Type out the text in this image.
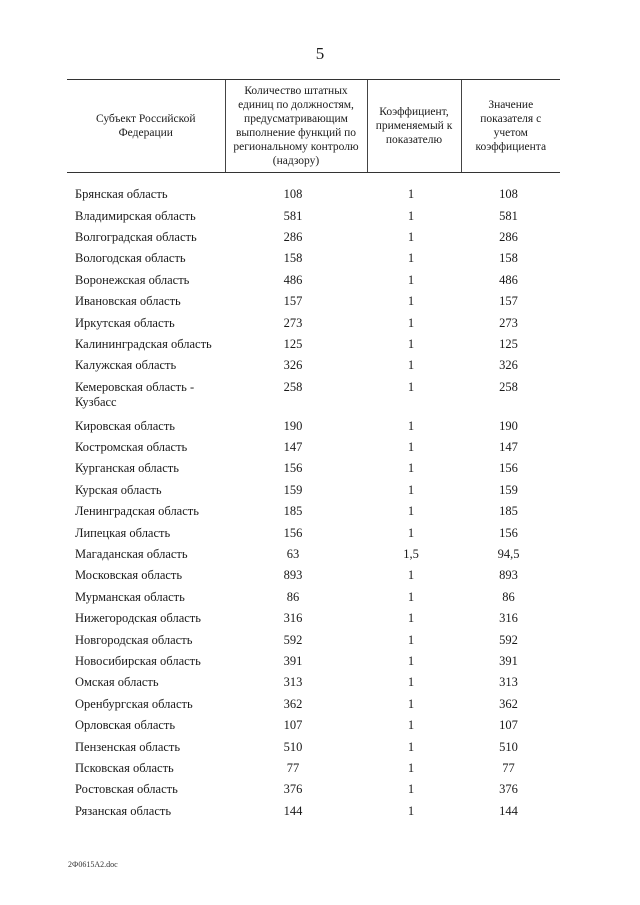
5
Субъект Российской Федерации	Количество штатных единиц по должностям, предусматривающим выполнение функций по региональному контролю (надзору)	Коэффициент, применяемый к показателю	Значение показателя с учетом коэффициента

Брянская область	108	1	108
Владимирская область	581	1	581
Волгоградская область	286	1	286
Вологодская область	158	1	158
Воронежская область	486	1	486
Ивановская область	157	1	157
Иркутская область	273	1	273
Калининградская область	125	1	125
Калужская область	326	1	326
Кемеровская область - Кузбасс	258	1	258
Кировская область	190	1	190
Костромская область	147	1	147
Курганская область	156	1	156
Курская область	159	1	159
Ленинградская область	185	1	185
Липецкая область	156	1	156
Магаданская область	63	1,5	94,5
Московская область	893	1	893
Мурманская область	86	1	86
Нижегородская область	316	1	316
Новгородская область	592	1	592
Новосибирская область	391	1	391
Омская область	313	1	313
Оренбургская область	362	1	362
Орловская область	107	1	107
Пензенская область	510	1	510
Псковская область	77	1	77
Ростовская область	376	1	376
Рязанская область	144	1	144
2Ф0615А2.doc
